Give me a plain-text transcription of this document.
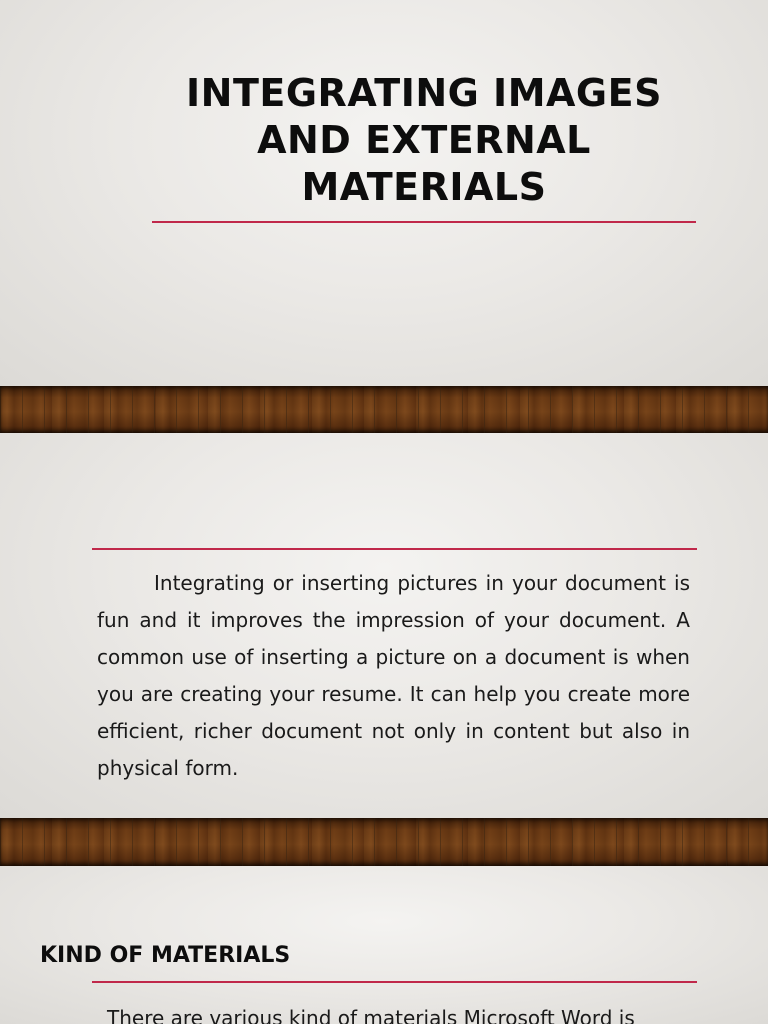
INTEGRATING IMAGES
AND EXTERNAL
MATERIALS

Integrating or inserting pictures in your document is fun and it improves the impression of your document. A common use of inserting a picture on a document is when you are creating your resume. It can help you create more efficient, richer document not only in content but also in physical form.

KIND OF MATERIALS

There are various kind of materials Microsoft Word is
